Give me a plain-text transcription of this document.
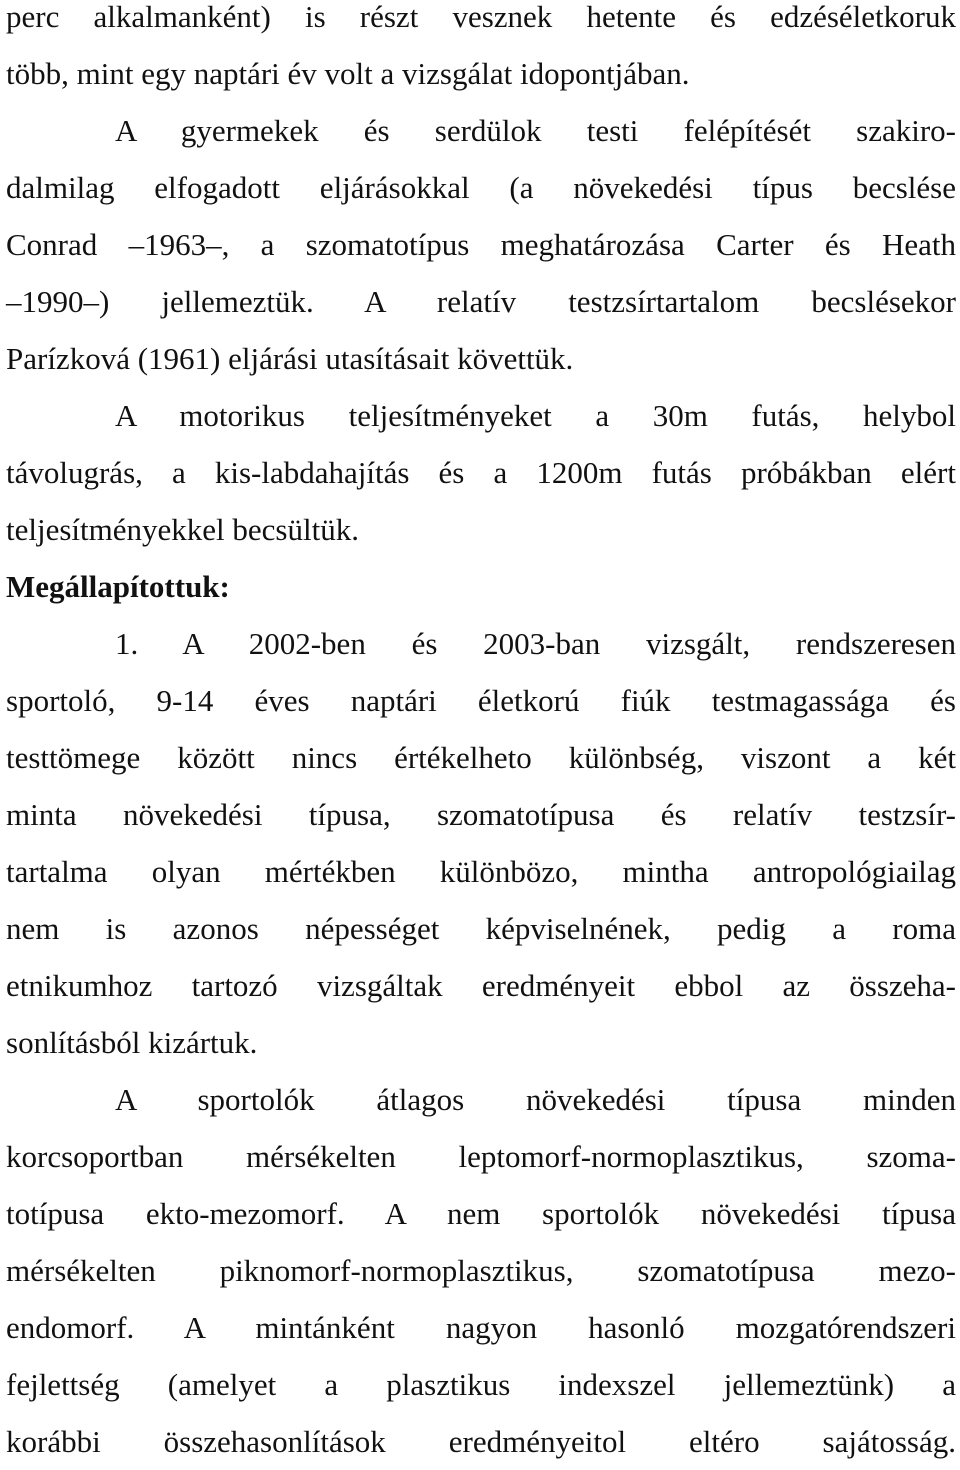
perc alkalmanként) is részt vesznek hetente és edzéséletkoruk
több, mint egy naptári év volt a vizsgálat idopontjában.
A gyermekek és serdülok testi felépítését szakiro-
dalmilag elfogadott eljárásokkal (a növekedési típus becslése
Conrad –1963–, a szomatotípus meghatározása Carter és Heath
–1990–) jellemeztük. A relatív testzsírtartalom becslésekor
Parízková (1961) eljárási utasításait követtük.
A motorikus teljesítményeket a 30m futás, helybol
távolugrás, a kis-labdahajítás és a 1200m futás próbákban elért
teljesítményekkel becsültük.
Megállapítottuk:
1. A 2002-ben és 2003-ban vizsgált, rendszeresen
sportoló, 9-14 éves naptári életkorú fiúk testmagassága és
testtömege között nincs értékelheto különbség, viszont a két
minta növekedési típusa, szomatotípusa és relatív testzsír-
tartalma olyan mértékben különbözo, mintha antropológiailag
nem is azonos népességet képviselnének, pedig a roma
etnikumhoz tartozó vizsgáltak eredményeit ebbol az összeha-
sonlításból kizártuk.
A sportolók átlagos növekedési típusa minden
korcsoportban mérsékelten leptomorf-normoplasztikus, szoma-
totípusa ekto-mezomorf. A nem sportolók növekedési típusa
mérsékelten piknomorf-normoplasztikus, szomatotípusa mezo-
endomorf. A mintánként nagyon hasonló mozgatórendszeri
fejlettség (amelyet a plasztikus indexszel jellemeztünk) a
korábbi összehasonlítások eredményeitol eltéro sajátosság.
